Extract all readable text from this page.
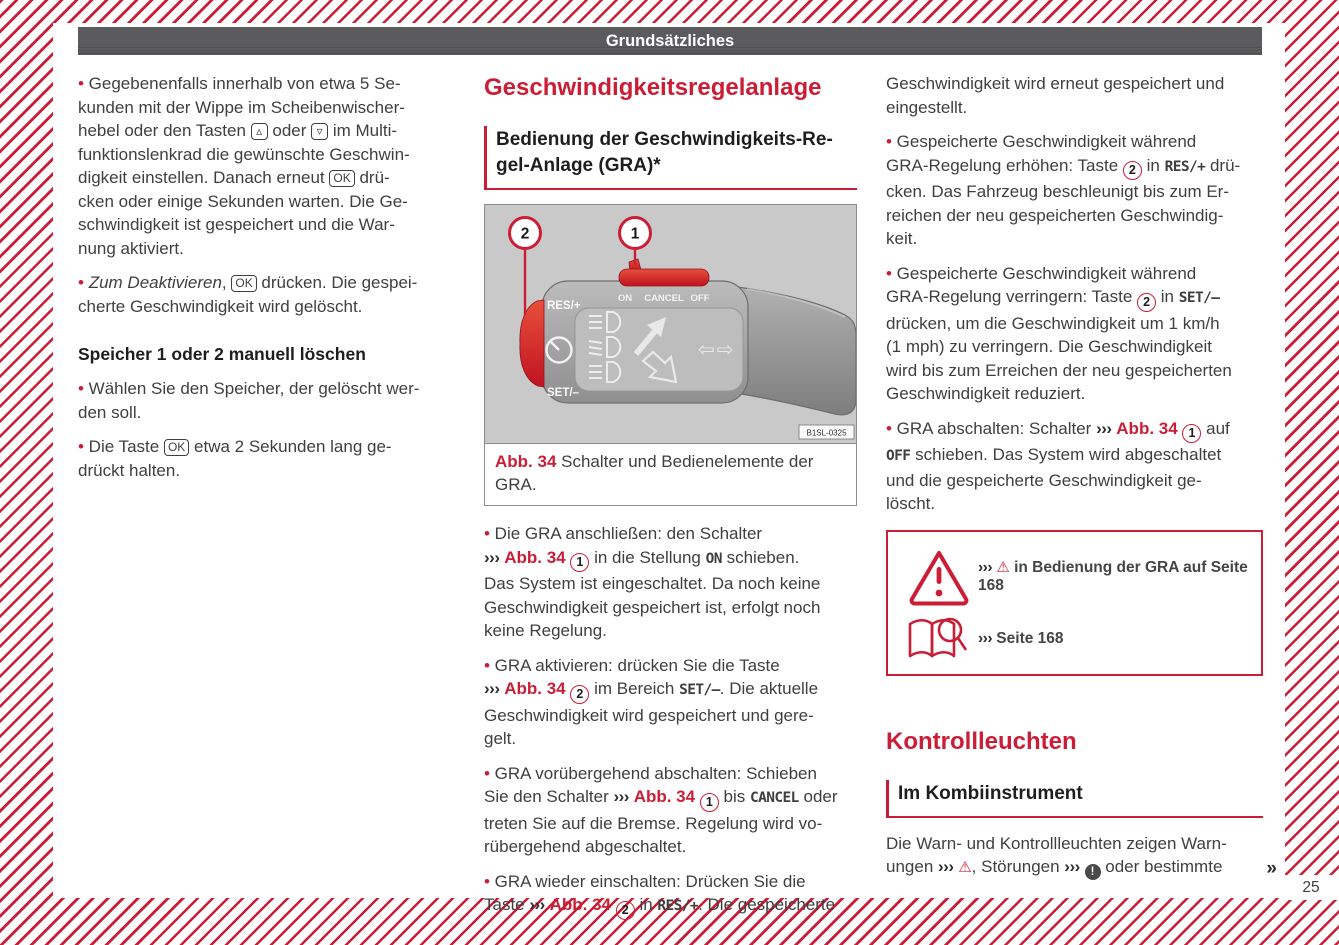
Grundsätzliches

• Gegebenenfalls innerhalb von etwa 5 Se-
kunden mit der Wippe im Scheibenwischer-
hebel oder den Tasten ▵ oder ▿ im Multi-
funktionslenkrad die gewünschte Geschwin-
digkeit einstellen. Danach erneut OK drü-
cken oder einige Sekunden warten. Die Ge-
schwindigkeit ist gespeichert und die War-
nung aktiviert.

• Zum Deaktivieren, OK drücken. Die gespei-
cherte Geschwindigkeit wird gelöscht.

Speicher 1 oder 2 manuell löschen

• Wählen Sie den Speicher, der gelöscht wer-
den soll.

• Die Taste OK etwa 2 Sekunden lang ge-
drückt halten.

Geschwindigkeitsregelanlage
Bedienung der Geschwindigkeits-Re-
gel-Anlage (GRA)*
ON CANCEL OFF
RES/+
SET/–
⇦⇨
B1SL-0325
2	1
Abb. 34 Schalter und Bedienelemente der
GRA.

• Die GRA anschließen: den Schalter
››› Abb. 34 1 in die Stellung ON schieben.
Das System ist eingeschaltet. Da noch keine
Geschwindigkeit gespeichert ist, erfolgt noch
keine Regelung.

• GRA aktivieren: drücken Sie die Taste
››› Abb. 34 2 im Bereich SET/–. Die aktuelle
Geschwindigkeit wird gespeichert und gere-
gelt.

• GRA vorübergehend abschalten: Schieben
Sie den Schalter ››› Abb. 34 1 bis CANCEL oder
treten Sie auf die Bremse. Regelung wird vo-
rübergehend abgeschaltet.

• GRA wieder einschalten: Drücken Sie die
Taste ››› Abb. 34 2 in RES/+. Die gespeicherte

Geschwindigkeit wird erneut gespeichert und
eingestellt.

• Gespeicherte Geschwindigkeit während
GRA-Regelung erhöhen: Taste 2 in RES/+ drü-
cken. Das Fahrzeug beschleunigt bis zum Er-
reichen der neu gespeicherten Geschwindig-
keit.

• Gespeicherte Geschwindigkeit während
GRA-Regelung verringern: Taste 2 in SET/–
drücken, um die Geschwindigkeit um 1 km/h
(1 mph) zu verringern. Die Geschwindigkeit
wird bis zum Erreichen der neu gespeicherten
Geschwindigkeit reduziert.

• GRA abschalten: Schalter ››› Abb. 34 1 auf
OFF schieben. Das System wird abgeschaltet
und die gespeicherte Geschwindigkeit ge-
löscht.

››› ⚠ in Bedienung der GRA auf Seite 168
››› Seite 168
Kontrollleuchten
Im Kombiinstrument

Die Warn- und Kontrollleuchten zeigen Warn-
ungen ››› ⚠, Störungen ››› ! oder bestimmte »

25
